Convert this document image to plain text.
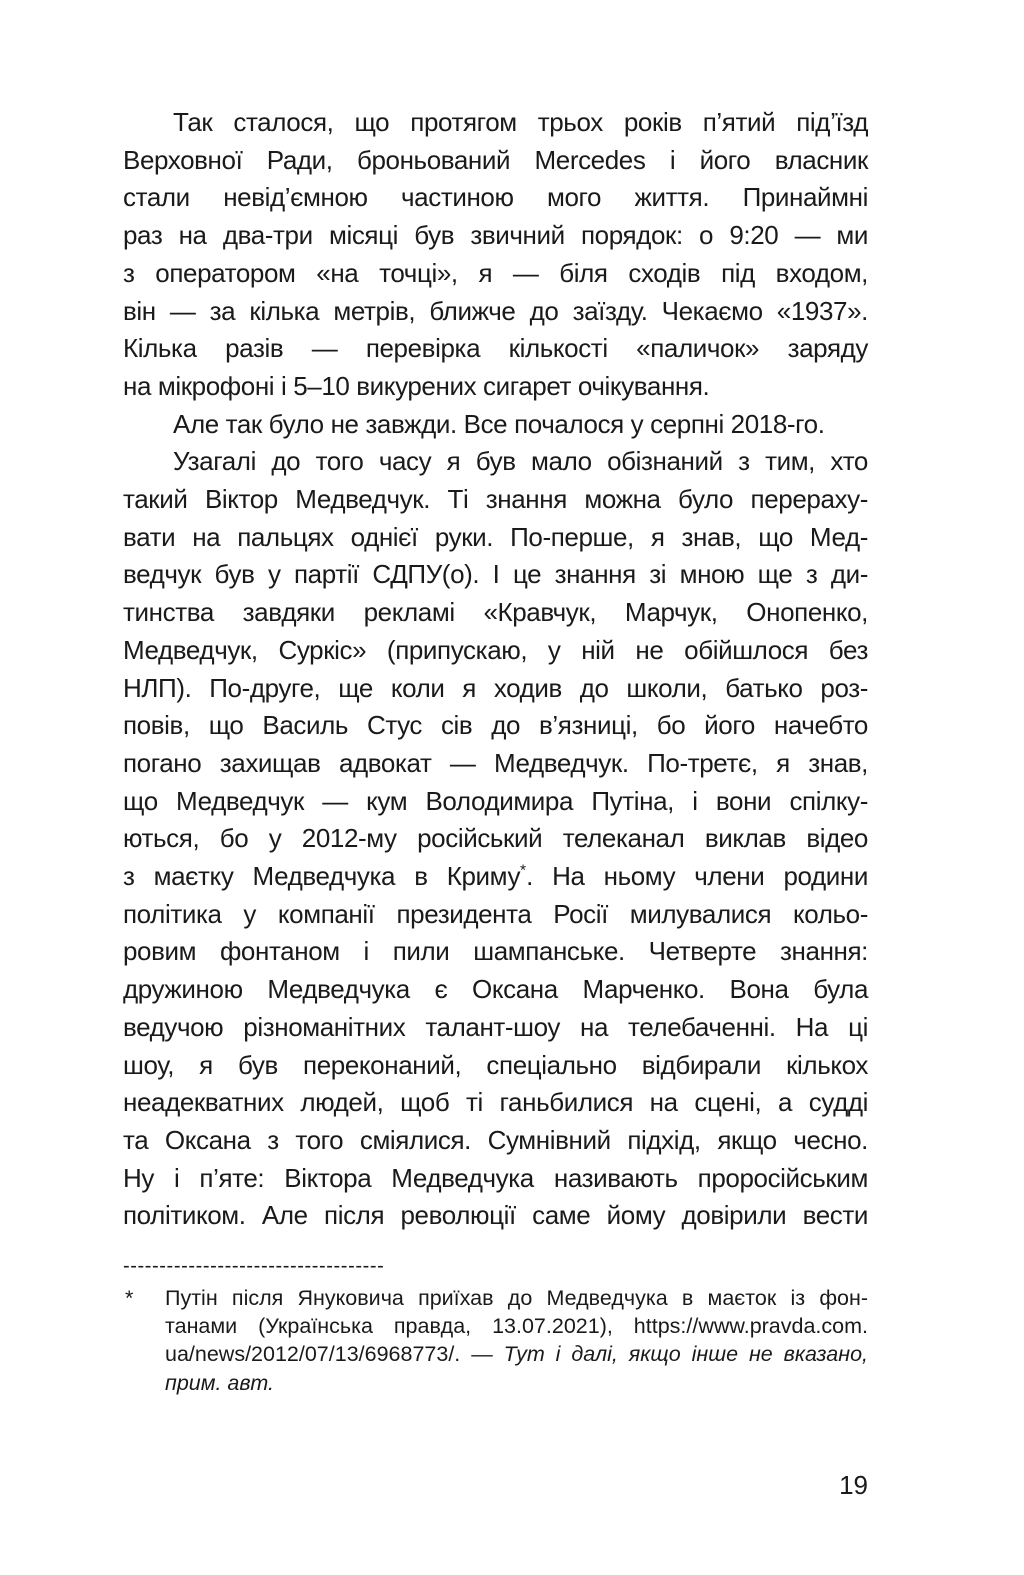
Так сталося, що протягом трьох років п’ятий під’їзд
Верховної Ради, броньований Mercedes і його власник
стали невід’ємною частиною мого життя. Принаймні
раз на два-три місяці був звичний порядок: о 9:20 — ми
з оператором «на точці», я — біля сходів під входом,
він — за кілька метрів, ближче до заїзду. Чекаємо «1937».
Кілька разів — перевірка кількості «паличок» заряду
на мікрофоні і 5–10 викурених сигарет очікування.
Але так було не завжди. Все почалося у серпні 2018-го.
Узагалі до того часу я був мало обізнаний з тим, хто
такий Віктор Медведчук. Ті знання можна було перераху-
вати на пальцях однієї руки. По-перше, я знав, що Мед-
ведчук був у партії СДПУ(о). І це знання зі мною ще з ди-
тинства завдяки рекламі «Кравчук, Марчук, Онопенко,
Медведчук, Суркіс» (припускаю, у ній не обійшлося без
НЛП). По-друге, ще коли я ходив до школи, батько роз-
повів, що Василь Стус сів до в’язниці, бо його начебто
погано захищав адвокат — Медведчук. По-третє, я знав,
що Медведчук — кум Володимира Путіна, і вони спілку-
ються, бо у 2012-му російський телеканал виклав відео
з маєтку Медведчука в Криму*. На ньому члени родини
політика у компанії президента Росії милувалися кольо-
ровим фонтаном і пили шампанське. Четверте знання:
дружиною Медведчука є Оксана Марченко. Вона була
ведучою різноманітних талант-шоу на телебаченні. На ці
шоу, я був переконаний, спеціально відбирали кількох
неадекватних людей, щоб ті ганьбилися на сцені, а судді
та Оксана з того сміялися. Сумнівний підхід, якщо чесно.
Ну і п’яте: Віктора Медведчука називають проросійським
політиком. Але після революції саме йому довірили вести
------------------------------------
* Путін після Януковича приїхав до Медведчука в маєток із фон-
танами (Українська правда, 13.07.2021), https://www.pravda.com.
ua/news/2012/07/13/6968773/. — Тут і далі, якщо інше не вказано,
прим. авт.
19
